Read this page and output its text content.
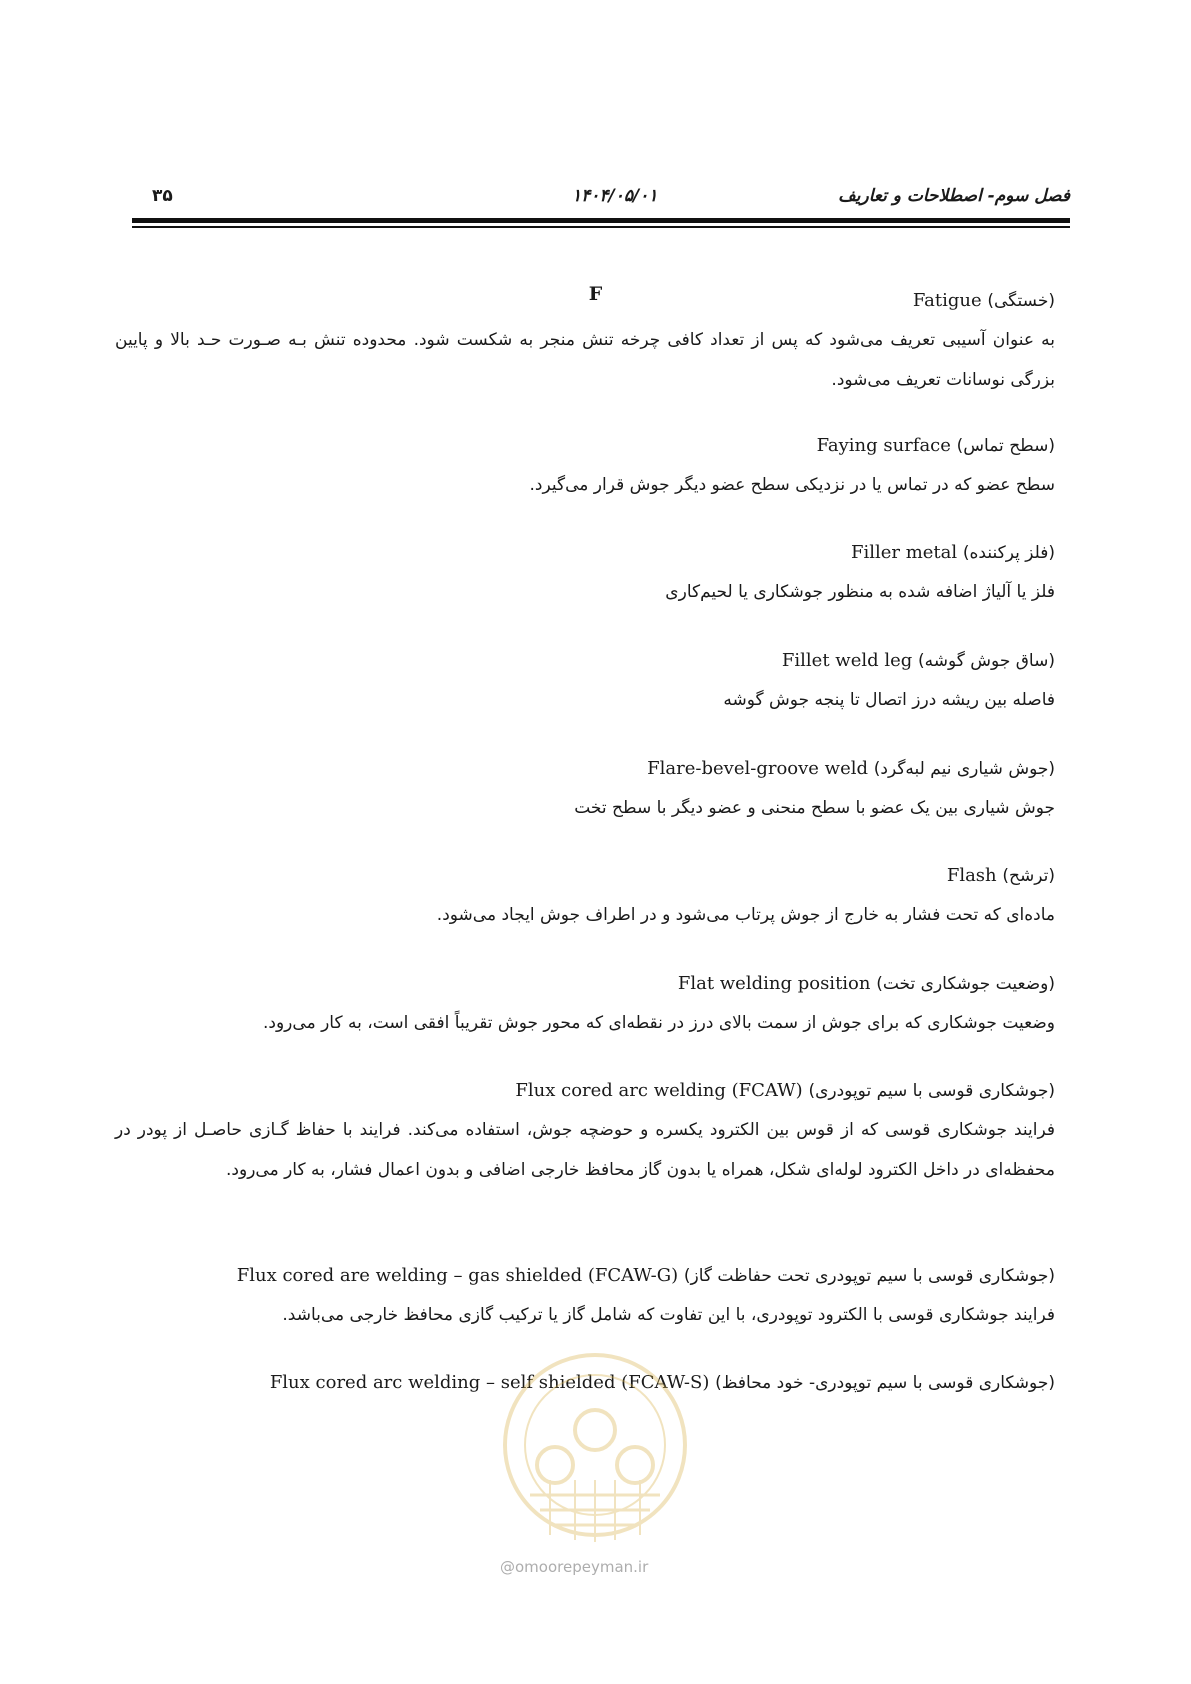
فصل سوم- اصطلاحات و تعاریف
۱۴۰۴/۰۵/۰۱
۳۵
F	Fatigue (خستگی)
به عنوان آسیبی تعریف می‌شود که پس از تعداد کافی چرخه تنش منجر به شکست شود. محدوده تنش بـه صـورت حـد بالا و پایین بزرگی نوسانات تعریف می‌شود.
Faying surface (سطح تماس)
سطح عضو که در تماس یا در نزدیکی سطح عضو دیگر جوش قرار می‌گیرد.
Filler metal (فلز پرکننده)
فلز یا آلیاژ اضافه شده به منظور جوشکاری یا لحیم‌کاری
Fillet weld leg (ساق جوش گوشه)
فاصله بین ریشه درز اتصال تا پنجه جوش گوشه
Flare-bevel-groove weld (جوش شیاری نیم لبه‌گرد)
جوش شیاری بین یک عضو با سطح منحنی و عضو دیگر با سطح تخت
Flash (ترشح)
ماده‌ای که تحت فشار به خارج از جوش پرتاب می‌شود و در اطراف جوش ایجاد می‌شود.
Flat welding position (وضعیت جوشکاری تخت)
وضعیت جوشکاری که برای جوش از سمت بالای درز در نقطه‌ای که محور جوش تقریباً افقی است، به کار می‌رود.
Flux cored arc welding (FCAW) (جوشکاری قوسی با سیم توپودری)
فرایند جوشکاری قوسی که از قوس بین الکترود یکسره و حوضچه جوش، استفاده می‌کند. فرایند با حفاظ گـازی حاصـل از پودر در محفظه‌ای در داخل الکترود لوله‌ای شکل، همراه یا بدون گاز محافظ خارجی اضافی و بدون اعمال فشار، به کار می‌رود.
Flux cored are welding – gas shielded (FCAW-G) (جوشکاری قوسی با سیم توپودری تحت حفاظت گاز)
فرایند جوشکاری قوسی با الکترود توپودری، با این تفاوت که شامل گاز یا ترکیب گازی محافظ خارجی می‌باشد.
Flux cored arc welding – self shielded (FCAW-S) (جوشکاری قوسی با سیم توپودری- خود محافظ)
@omoorepeyman.ir
